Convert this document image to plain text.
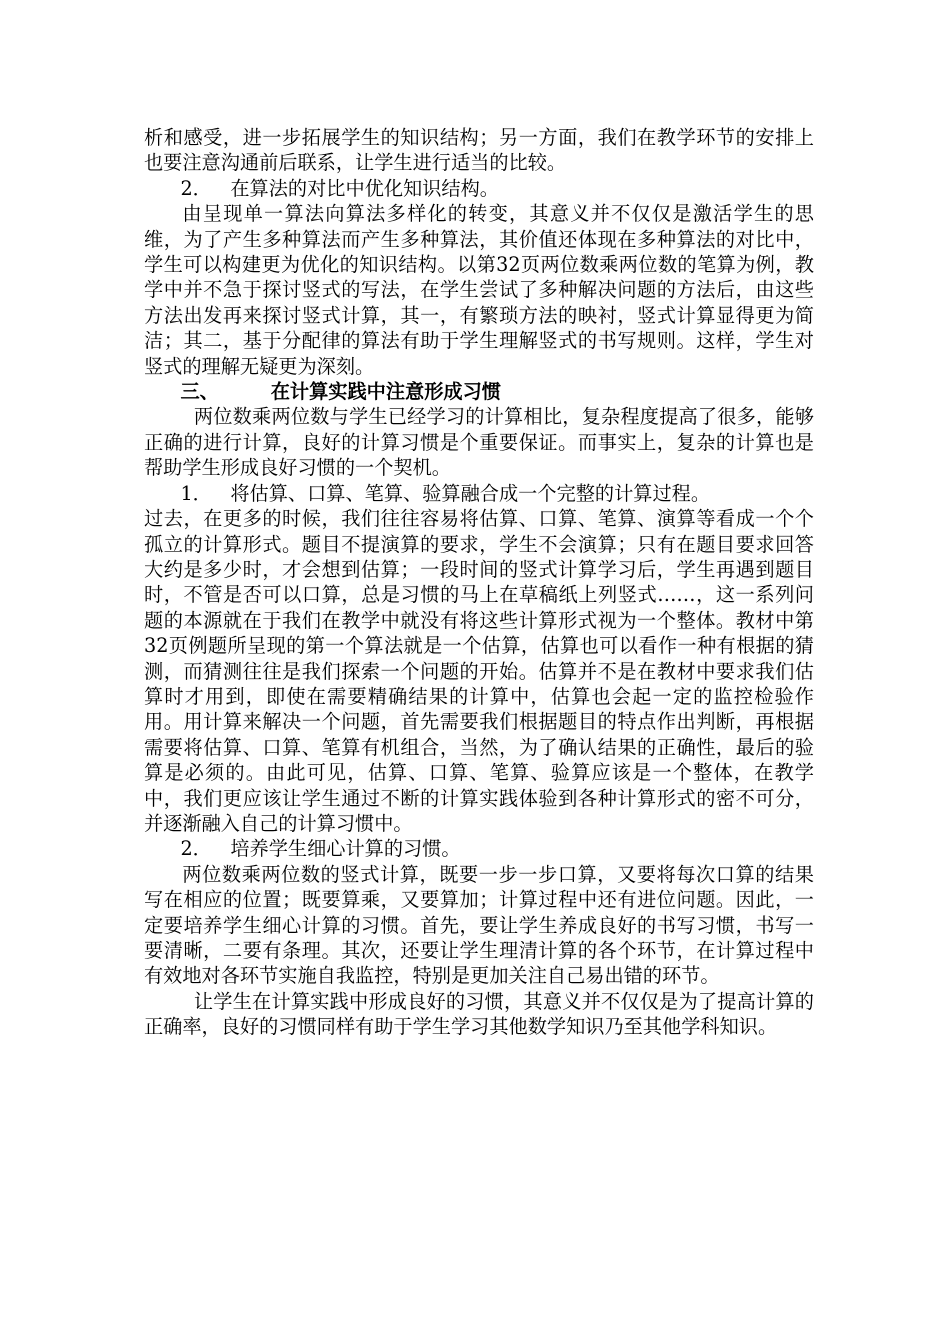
析和感受，进一步拓展学生的知识结构；另一方面，我们在教学环节的安排上也要注意沟通前后联系，让学生进行适当的比较。

2． 在算法的对比中优化知识结构。

由呈现单一算法向算法多样化的转变，其意义并不仅仅是激活学生的思维，为了产生多种算法而产生多种算法，其价值还体现在多种算法的对比中，学生可以构建更为优化的知识结构。以第32页两位数乘两位数的笔算为例，教学中并不急于探讨竖式的写法，在学生尝试了多种解决问题的方法后，由这些方法出发再来探讨竖式计算，其一，有繁琐方法的映衬，竖式计算显得更为简洁；其二，基于分配律的算法有助于学生理解竖式的书写规则。这样，学生对竖式的理解无疑更为深刻。

三、	在计算实践中注意形成习惯

两位数乘两位数与学生已经学习的计算相比，复杂程度提高了很多，能够正确的进行计算，良好的计算习惯是个重要保证。而事实上，复杂的计算也是帮助学生形成良好习惯的一个契机。

1． 将估算、口算、笔算、验算融合成一个完整的计算过程。

过去，在更多的时候，我们往往容易将估算、口算、笔算、演算等看成一个个孤立的计算形式。题目不提演算的要求，学生不会演算；只有在题目要求回答大约是多少时，才会想到估算；一段时间的竖式计算学习后，学生再遇到题目时，不管是否可以口算，总是习惯的马上在草稿纸上列竖式……，这一系列问题的本源就在于我们在教学中就没有将这些计算形式视为一个整体。教材中第32页例题所呈现的第一个算法就是一个估算，估算也可以看作一种有根据的猜测，而猜测往往是我们探索一个问题的开始。估算并不是在教材中要求我们估算时才用到，即使在需要精确结果的计算中，估算也会起一定的监控检验作用。用计算来解决一个问题，首先需要我们根据题目的特点作出判断，再根据需要将估算、口算、笔算有机组合，当然，为了确认结果的正确性，最后的验算是必须的。由此可见，估算、口算、笔算、验算应该是一个整体，在教学中，我们更应该让学生通过不断的计算实践体验到各种计算形式的密不可分，并逐渐融入自己的计算习惯中。

2． 培养学生细心计算的习惯。

两位数乘两位数的竖式计算，既要一步一步口算，又要将每次口算的结果写在相应的位置；既要算乘，又要算加；计算过程中还有进位问题。因此，一定要培养学生细心计算的习惯。首先，要让学生养成良好的书写习惯，书写一要清晰，二要有条理。其次，还要让学生理清计算的各个环节，在计算过程中有效地对各环节实施自我监控，特别是更加关注自己易出错的环节。

让学生在计算实践中形成良好的习惯，其意义并不仅仅是为了提高计算的正确率，良好的习惯同样有助于学生学习其他数学知识乃至其他学科知识。
